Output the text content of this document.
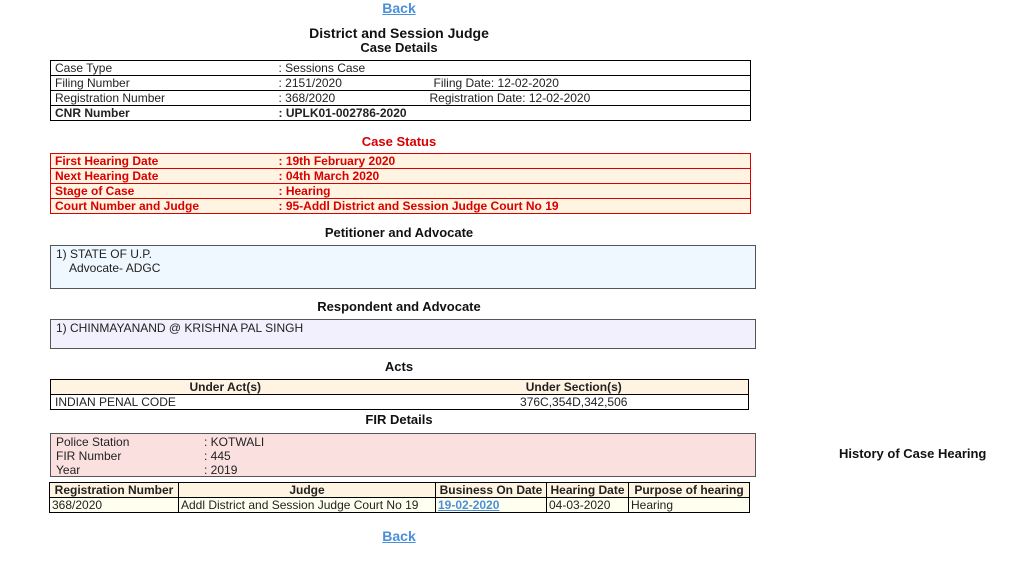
Back
District and Session Judge
Case Details
Case Type	: Sessions Case	
Filing Number	: 2151/2020	Filing Date: 12-02-2020
Registration Number	: 368/2020	Registration Date: 12-02-2020
CNR Number	: UPLK01-002786-2020	
Case Status
First Hearing Date	: 19th February 2020
Next Hearing Date	: 04th March 2020
Stage of Case	: Hearing
Court Number and Judge	: 95-Addl District and Session Judge Court No 19
Petitioner and Advocate
1) STATE OF U.P.
Advocate- ADGC
Respondent and Advocate
1) CHINMAYANAND @ KRISHNA PAL SINGH
Acts
Under Act(s)	Under Section(s)
INDIAN PENAL CODE	376C,354D,342,506
FIR Details
Police Station	: KOTWALI
FIR Number	: 445
Year	: 2019
Registration Number	Judge	Business On Date	Hearing Date	Purpose of hearing
368/2020	Addl District and Session Judge Court No 19	19-02-2020	04-03-2020	Hearing
History of Case Hearing
Back
